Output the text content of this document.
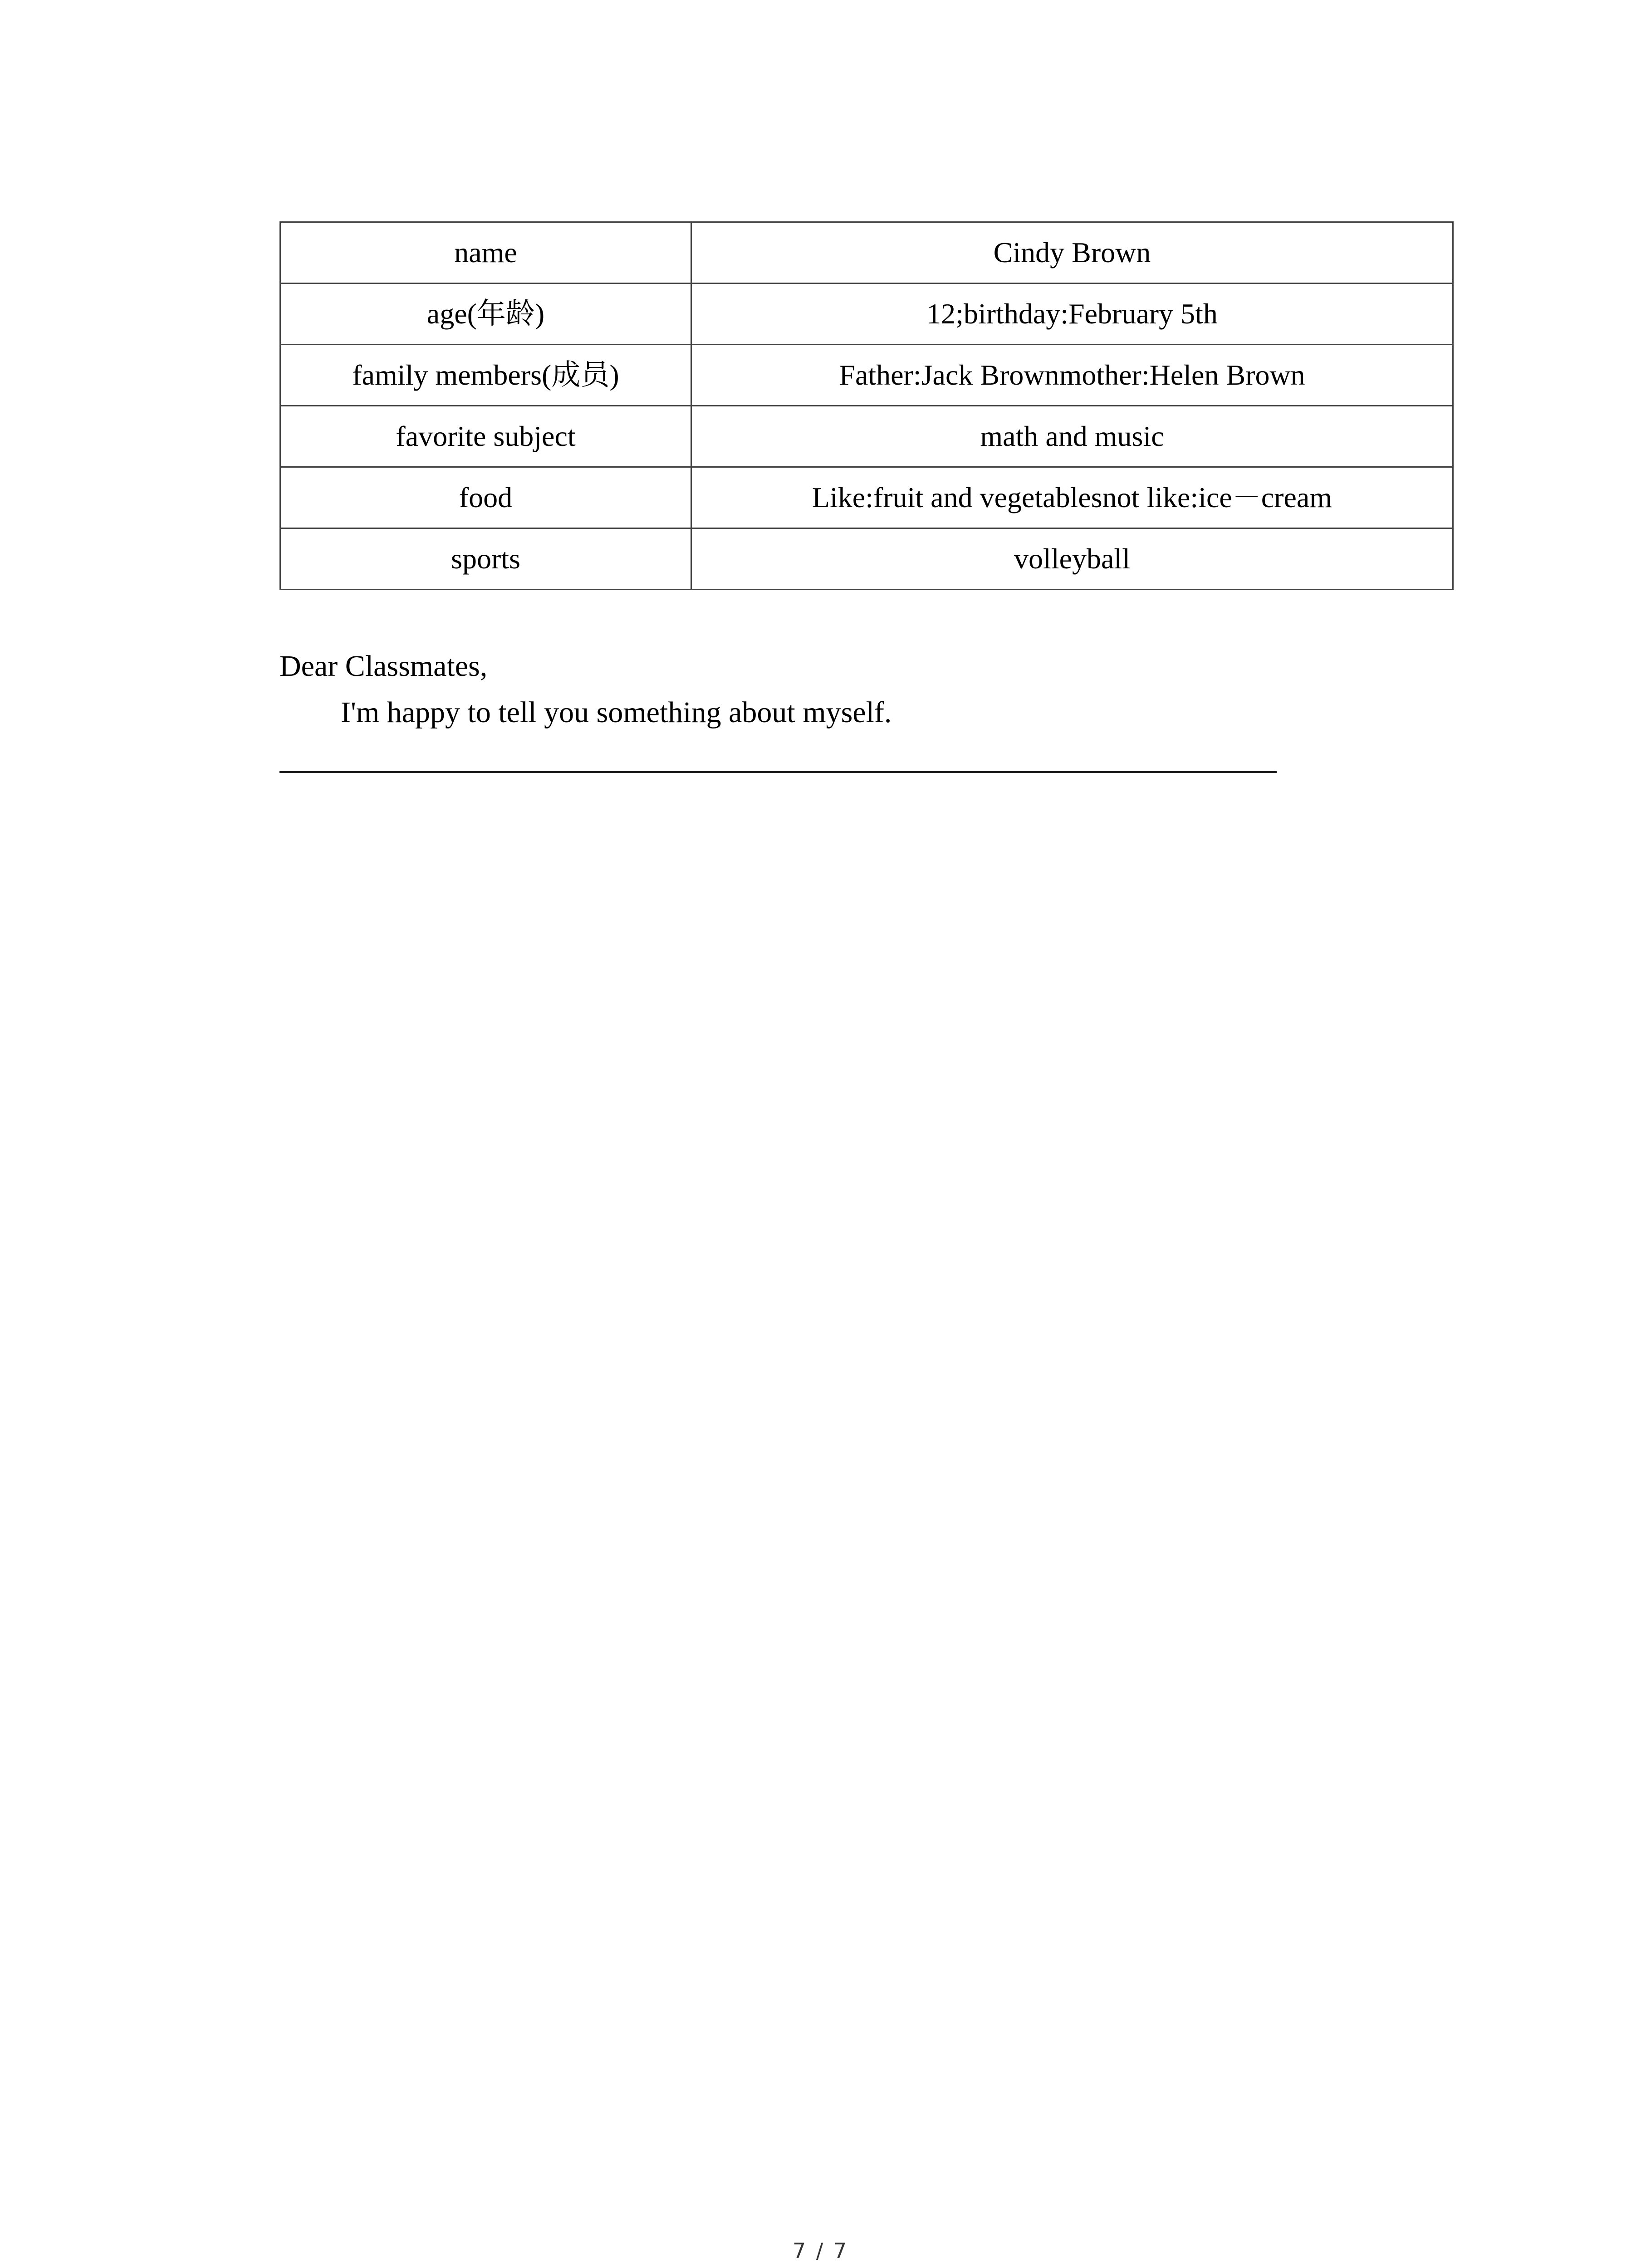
name	Cindy Brown
age(年龄)	12;birthday:February 5th
family members(成员)	Father:Jack Brownmother:Helen Brown
favorite subject	math and music
food	Like:fruit and vegetablesnot like:ice－cream
sports	volleyball
Dear Classmates,
I'm happy to tell you something about myself.
7 / 7
